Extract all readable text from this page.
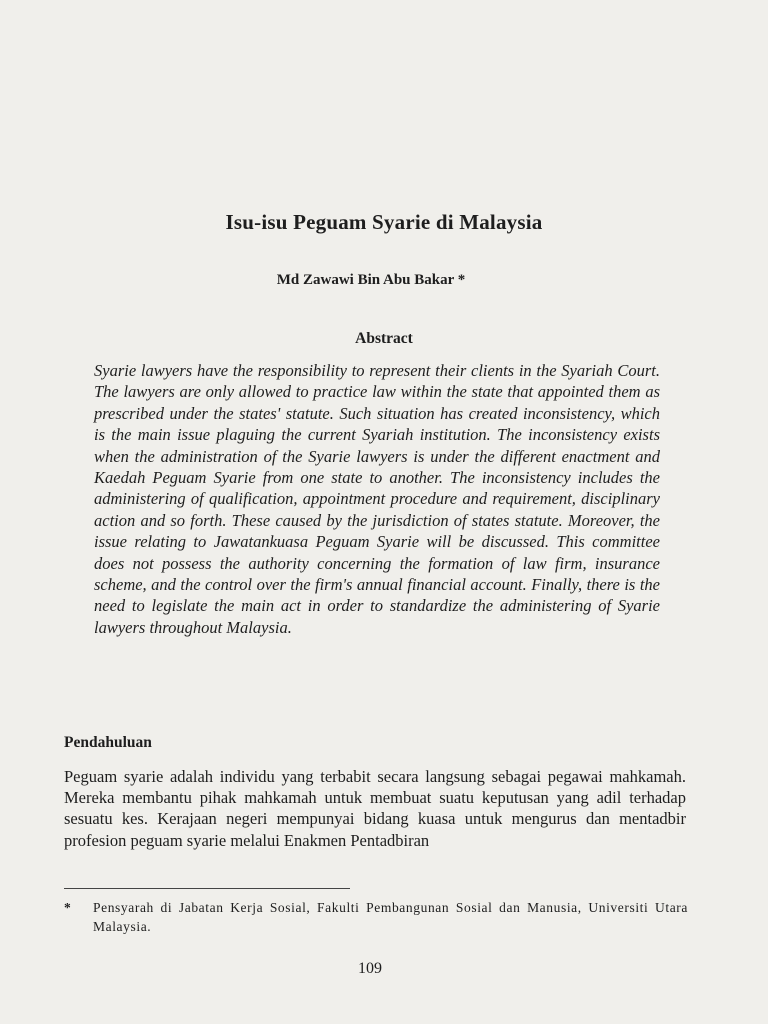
Isu-isu Peguam Syarie di Malaysia
Md Zawawi Bin Abu Bakar *
Abstract
Syarie lawyers have the responsibility to represent their clients in the Syariah Court. The lawyers are only allowed to practice law within the state that appointed them as prescribed under the states' statute. Such situation has created inconsistency, which is the main issue plaguing the current Syariah institution. The inconsistency exists when the administration of the Syarie lawyers is under the different enactment and Kaedah Peguam Syarie from one state to another. The inconsistency includes the administering of qualification, appointment procedure and requirement, disciplinary action and so forth. These caused by the jurisdiction of states statute. Moreover, the issue relating to Jawatankuasa Peguam Syarie will be discussed. This committee does not possess the authority concerning the formation of law firm, insurance scheme, and the control over the firm's annual financial account. Finally, there is the need to legislate the main act in order to standardize the administering of Syarie lawyers throughout Malaysia.
Pendahuluan
Peguam syarie adalah individu yang terbabit secara langsung sebagai pegawai mahkamah. Mereka membantu pihak mahkamah untuk membuat suatu keputusan yang adil terhadap sesuatu kes. Kerajaan negeri mempunyai bidang kuasa untuk mengurus dan mentadbir profesion peguam syarie melalui Enakmen Pentadbiran
* Pensyarah di Jabatan Kerja Sosial, Fakulti Pembangunan Sosial dan Manusia, Universiti Utara Malaysia.
109
